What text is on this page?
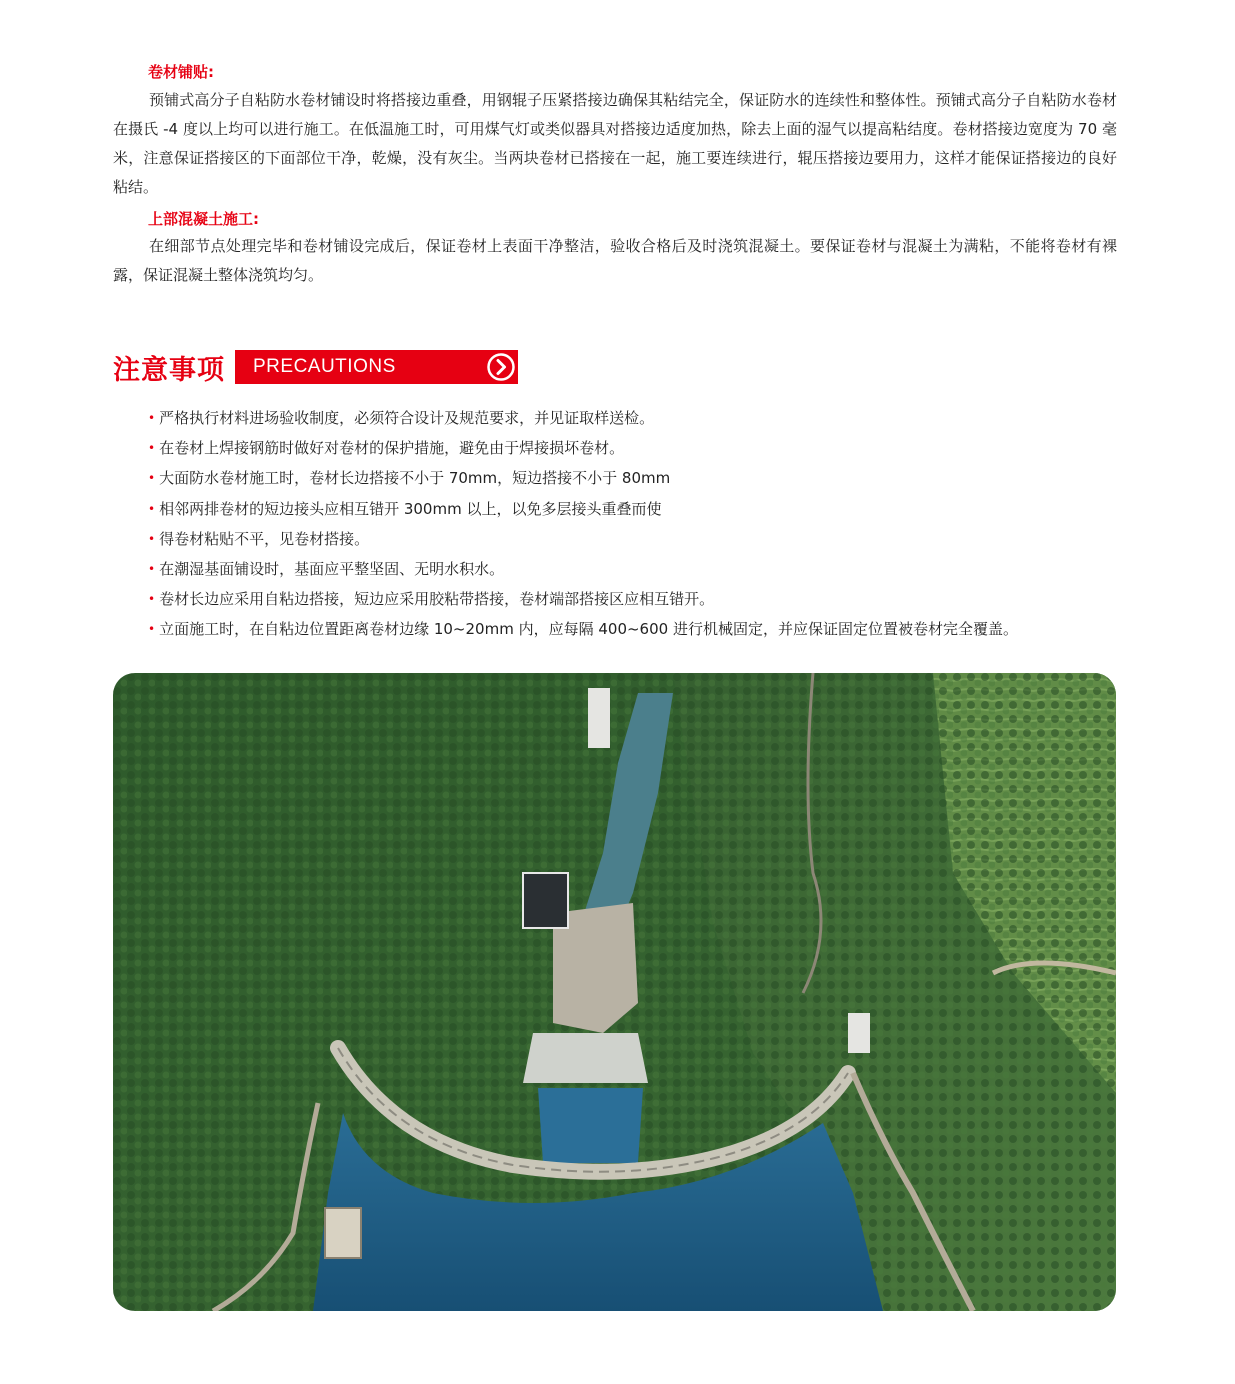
卷材铺贴:

预铺式高分子自粘防水卷材铺设时将搭接边重叠，用钢辊子压紧搭接边确保其粘结完全，保证防水的连续性和整体性。预铺式高分子自粘防水卷材在摄氏 -4 度以上均可以进行施工。在低温施工时，可用煤气灯或类似器具对搭接边适度加热，除去上面的湿气以提高粘结度。卷材搭接边宽度为 70 毫米，注意保证搭接区的下面部位干净，乾燥，没有灰尘。当两块卷材已搭接在一起，施工要连续进行，辊压搭接边要用力，这样才能保证搭接边的良好粘结。

上部混凝土施工:

在细部节点处理完毕和卷材铺设完成后，保证卷材上表面干净整洁，验收合格后及时浇筑混凝土。要保证卷材与混凝土为满粘，不能将卷材有裸露，保证混凝土整体浇筑均匀。

注意事项 PRECAUTIONS
• 严格执行材料进场验收制度，必须符合设计及规范要求，并见证取样送检。
• 在卷材上焊接钢筋时做好对卷材的保护措施，避免由于焊接损坏卷材。
• 大面防水卷材施工时，卷材长边搭接不小于 70mm，短边搭接不小于 80mm
• 相邻两排卷材的短边接头应相互错开 300mm 以上，以免多层接头重叠而使
• 得卷材粘贴不平，见卷材搭接。
• 在潮湿基面铺设时，基面应平整坚固、无明水积水。
• 卷材长边应采用自粘边搭接，短边应采用胶粘带搭接，卷材端部搭接区应相互错开。
• 立面施工时，在自粘边位置距离卷材边缘 10~20mm 内，应每隔 400~600 进行机械固定，并应保证固定位置被卷材完全覆盖。
